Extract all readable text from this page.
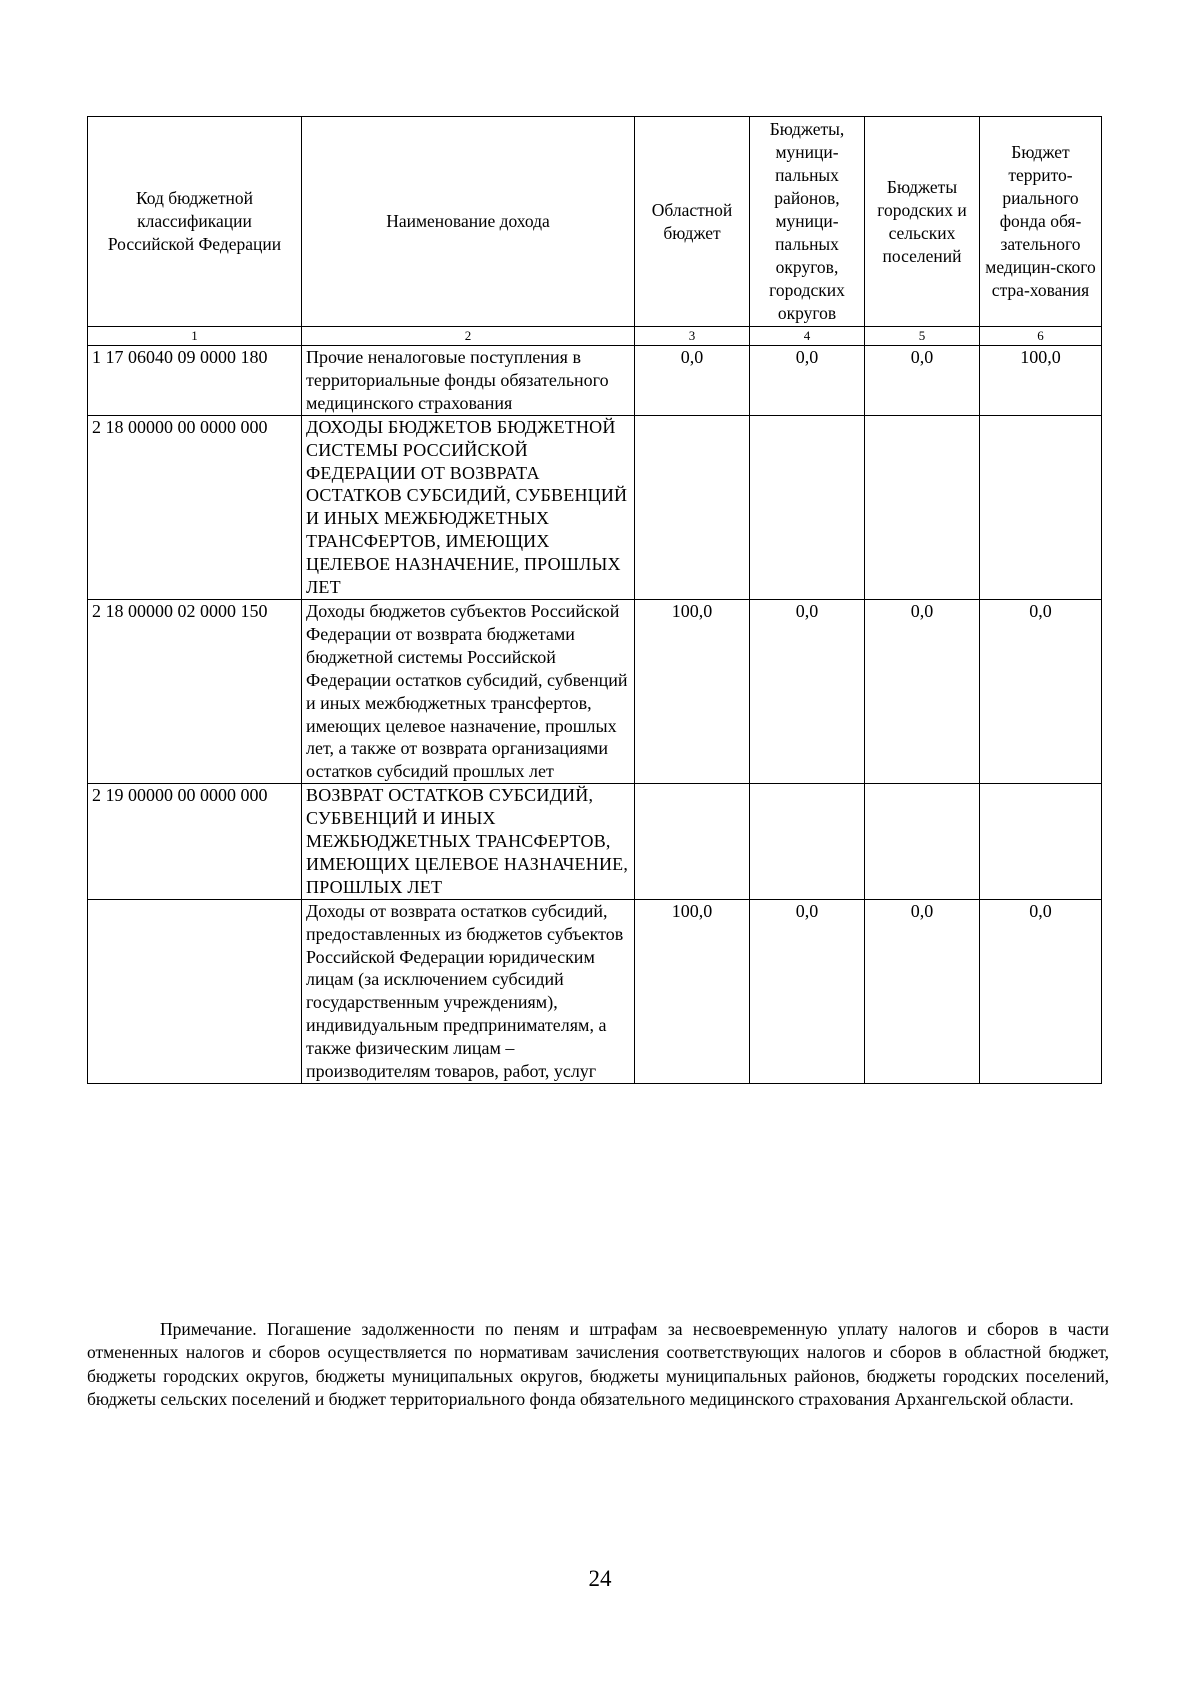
Код бюджетной классификации Российской Федерации	Наименование дохода	Областной бюджет	Бюджеты, муници-пальных районов, муници-пальных округов, городских округов	Бюджеты городских и сельских поселений	Бюджет террито-риального фонда обя-зательного медицин-ского стра-хования
1	2	3	4	5	6
1 17 06040 09 0000 180	Прочие неналоговые поступления в территориальные фонды обязательного медицинского страхования	0,0	0,0	0,0	100,0
2 18 00000 00 0000 000	ДОХОДЫ БЮДЖЕТОВ БЮДЖЕТНОЙ СИСТЕМЫ РОССИЙСКОЙ ФЕДЕРАЦИИ ОТ ВОЗВРАТА ОСТАТКОВ СУБСИДИЙ, СУБВЕНЦИЙ И ИНЫХ МЕЖБЮДЖЕТНЫХ ТРАНСФЕРТОВ, ИМЕЮЩИХ ЦЕЛЕВОЕ НАЗНАЧЕНИЕ, ПРОШЛЫХ ЛЕТ				
2 18 00000 02 0000 150	Доходы бюджетов субъектов Российской Федерации от возврата бюджетами бюджетной системы Российской Федерации остатков субсидий, субвенций и иных межбюджетных трансфертов, имеющих целевое назначение, прошлых лет, а также от возврата организациями остатков субсидий прошлых лет	100,0	0,0	0,0	0,0
2 19 00000 00 0000 000	ВОЗВРАТ ОСТАТКОВ СУБСИДИЙ, СУБВЕНЦИЙ И ИНЫХ МЕЖБЮДЖЕТНЫХ ТРАНСФЕРТОВ, ИМЕЮЩИХ ЦЕЛЕВОЕ НАЗНАЧЕНИЕ, ПРОШЛЫХ ЛЕТ				
	Доходы от возврата остатков субсидий, предоставленных из бюджетов субъектов Российской Федерации юридическим лицам (за исключением субсидий государственным учреждениям), индивидуальным предпринимателям, а также физическим лицам – производителям товаров, работ, услуг	100,0	0,0	0,0	0,0

Примечание. Погашение задолженности по пеням и штрафам за несвоевременную уплату налогов и сборов в части отмененных налогов и сборов осуществляется по нормативам зачисления соответствующих налогов и сборов в областной бюджет, бюджеты городских округов, бюджеты муниципальных округов, бюджеты муниципальных районов, бюджеты городских поселений, бюджеты сельских поселений и бюджет территориального фонда обязательного медицинского страхования Архангельской области.

24
